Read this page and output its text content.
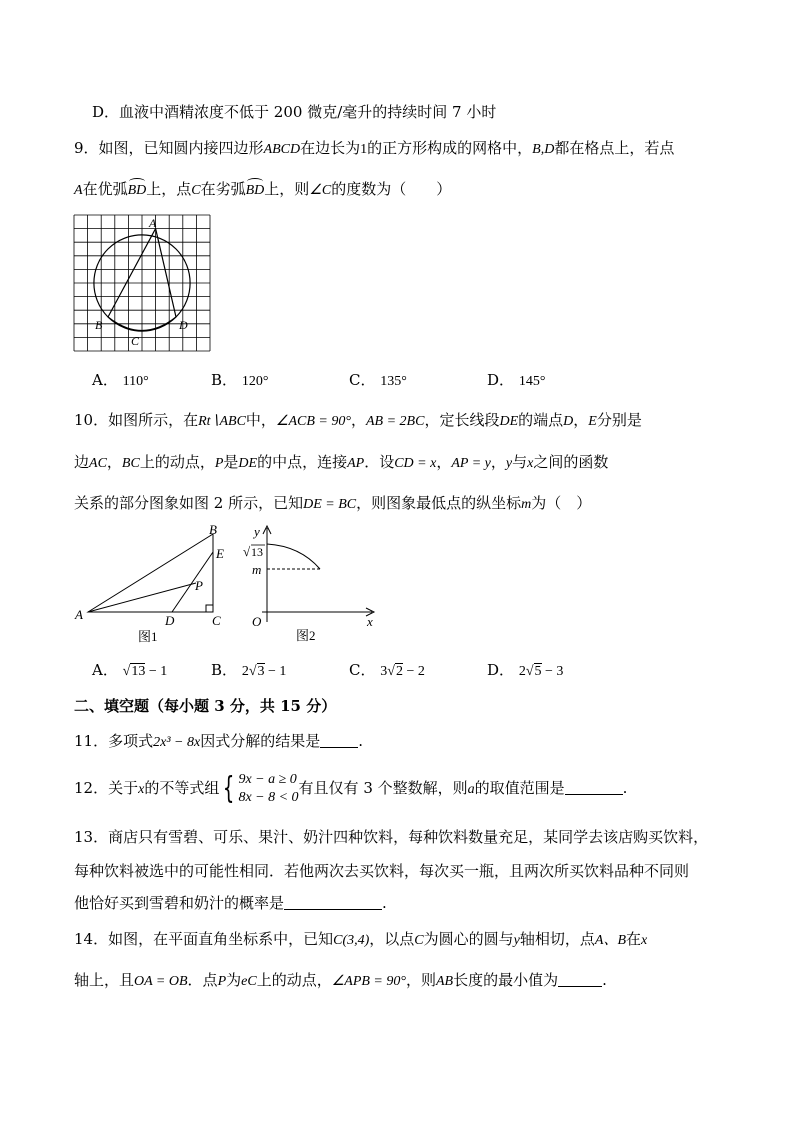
D．血液中酒精浓度不低于 200 微克/毫升的持续时间 7 小时
9．如图，已知圆内接四边形ABCD在边长为1的正方形构成的网格中，B,D都在格点上，若点
A在优弧BD上，点C在劣弧BD上，则∠C的度数为（　　）
A
B
C
D
A． 110°	B． 120°	C． 135°	D． 145°
10．如图所示，在Rt∖ABC中，∠ACB = 90°，AB = 2BC，定长线段DE的端点D，E分别是
边AC，BC上的动点，P是DE的中点，连接AP．设CD = x，AP = y，y与x之间的函数
关系的部分图象如图 2 所示，已知DE = BC，则图象最低点的纵坐标m为（　）
A
B
E
P
D	C
图1
y
√ 13
m
O	x
图2
A． √13 − 1	B． 2√3 − 1	C． 3√2 − 2	D． 2√5 − 3
二、填空题（每小题 3 分，共 15 分）
11．多项式2x³ − 8x因式分解的结果是	.
12．关于x的不等式组 { 9x − a ≥ 0
8x − 8 < 0
有且仅有 3 个整数解，则a的取值范围是	.
13．商店只有雪碧、可乐、果汁、奶汁四种饮料，每种饮料数量充足，某同学去该店购买饮料，
每种饮料被选中的可能性相同．若他两次去买饮料，每次买一瓶，且两次所买饮料品种不同则
他恰好买到雪碧和奶汁的概率是	.
14．如图，在平面直角坐标系中，已知C(3,4)，以点C为圆心的圆与y轴相切，点A、B在x
轴上，且OA = OB．点P为eC上的动点，∠APB = 90°，则AB长度的最小值为	.
